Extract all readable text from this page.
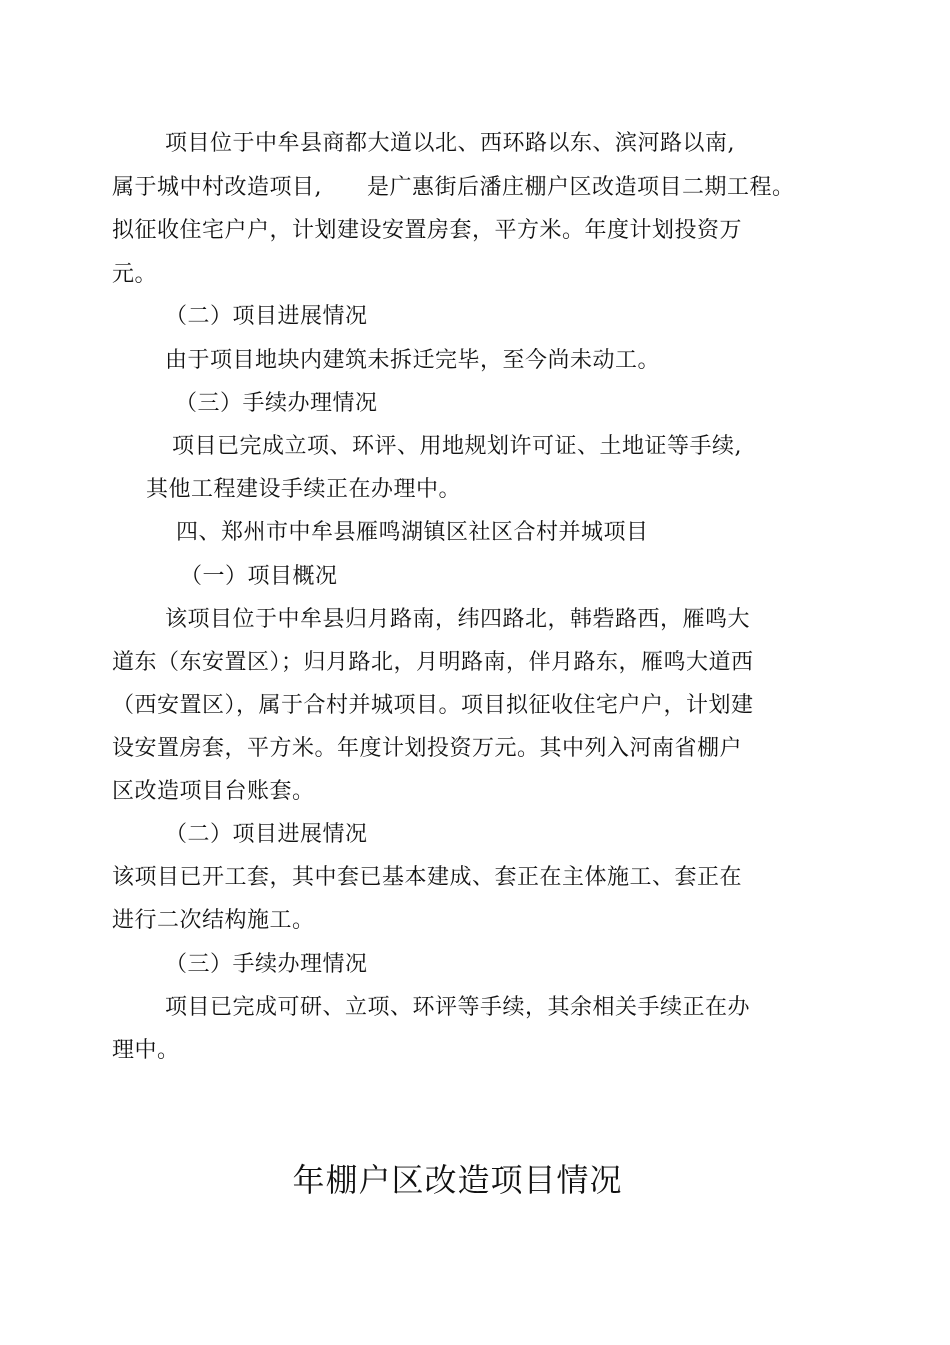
项目位于中牟县商都大道以北、西环路以东、滨河路以南,
属于城中村改造项目,　　是广惠街后潘庄棚户区改造项目二期工程。
拟征收住宅户户，计划建设安置房套，平方米。年度计划投资万
元。
（二）项目进展情况
由于项目地块内建筑未拆迁完毕，至今尚未动工。
（三）手续办理情况
项目已完成立项、环评、用地规划许可证、土地证等手续,
其他工程建设手续正在办理中。
四、郑州市中牟县雁鸣湖镇区社区合村并城项目
（一）项目概况
该项目位于中牟县归月路南，纬四路北，韩砦路西，雁鸣大
道东（东安置区）；归月路北，月明路南，伴月路东，雁鸣大道西
（西安置区），属于合村并城项目。项目拟征收住宅户户，计划建
设安置房套，平方米。年度计划投资万元。其中列入河南省棚户
区改造项目台账套。
（二）项目进展情况
该项目已开工套，其中套已基本建成、套正在主体施工、套正在
进行二次结构施工。
（三）手续办理情况
项目已完成可研、立项、环评等手续，其余相关手续正在办
理中。
年棚户区改造项目情况
